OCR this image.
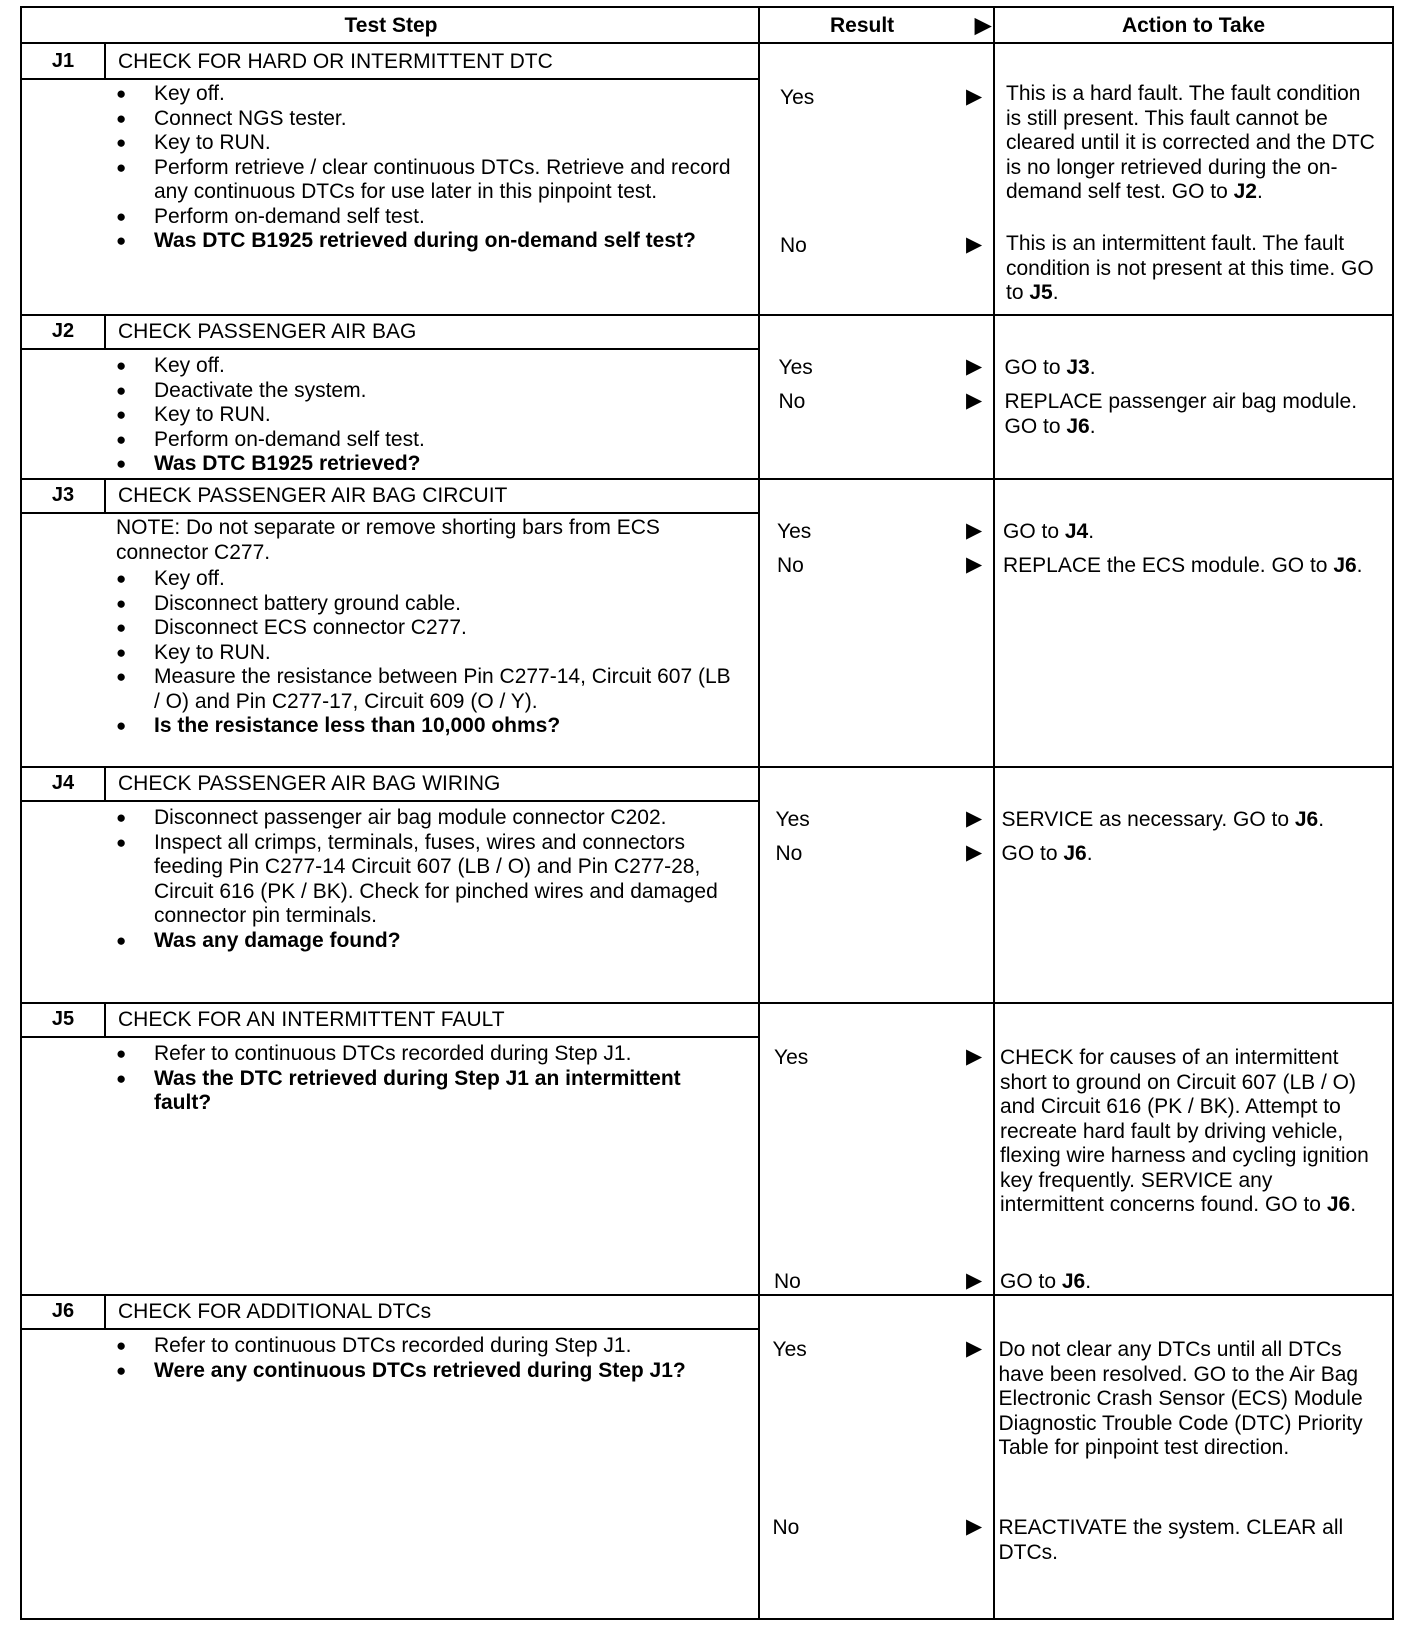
Test Step	Result	▶	Action to Take
J1	CHECK FOR HARD OR INTERMITTENT DTC
● Key off.
● Connect NGS tester.
● Key to RUN.
● Perform retrieve / clear continuous DTCs. Retrieve and record any continuous DTCs for use later in this pinpoint test.
● Perform on-demand self test.
● Was DTC B1925 retrieved during on-demand self test?
Yes	▶ This is a hard fault. The fault condition is still present. This fault cannot be cleared until it is corrected and the DTC is no longer retrieved during the on-demand self test. GO to J2.
No	▶ This is an intermittent fault. The fault condition is not present at this time. GO to J5.
J2	CHECK PASSENGER AIR BAG
● Key off.
● Deactivate the system.
● Key to RUN.
● Perform on-demand self test.
● Was DTC B1925 retrieved?
Yes	▶ GO to J3.
No	▶ REPLACE passenger air bag module. GO to J6.
J3	CHECK PASSENGER AIR BAG CIRCUIT
NOTE: Do not separate or remove shorting bars from ECS connector C277.
● Key off.
● Disconnect battery ground cable.
● Disconnect ECS connector C277.
● Key to RUN.
● Measure the resistance between Pin C277-14, Circuit 607 (LB / O) and Pin C277-17, Circuit 609 (O / Y).
● Is the resistance less than 10,000 ohms?
Yes	▶ GO to J4.
No	▶ REPLACE the ECS module. GO to J6.
J4	CHECK PASSENGER AIR BAG WIRING
● Disconnect passenger air bag module connector C202.
● Inspect all crimps, terminals, fuses, wires and connectors feeding Pin C277-14 Circuit 607 (LB / O) and Pin C277-28, Circuit 616 (PK / BK). Check for pinched wires and damaged connector pin terminals.
● Was any damage found?
Yes	▶ SERVICE as necessary. GO to J6.
No	▶ GO to J6.
J5	CHECK FOR AN INTERMITTENT FAULT
● Refer to continuous DTCs recorded during Step J1.
● Was the DTC retrieved during Step J1 an intermittent fault?
Yes	▶ CHECK for causes of an intermittent short to ground on Circuit 607 (LB / O) and Circuit 616 (PK / BK). Attempt to recreate hard fault by driving vehicle, flexing wire harness and cycling ignition key frequently. SERVICE any intermittent concerns found. GO to J6.
No	▶ GO to J6.
J6	CHECK FOR ADDITIONAL DTCs
● Refer to continuous DTCs recorded during Step J1.
● Were any continuous DTCs retrieved during Step J1?
Yes	▶ Do not clear any DTCs until all DTCs have been resolved. GO to the Air Bag Electronic Crash Sensor (ECS) Module Diagnostic Trouble Code (DTC) Priority Table for pinpoint test direction.
No	▶ REACTIVATE the system. CLEAR all DTCs.
